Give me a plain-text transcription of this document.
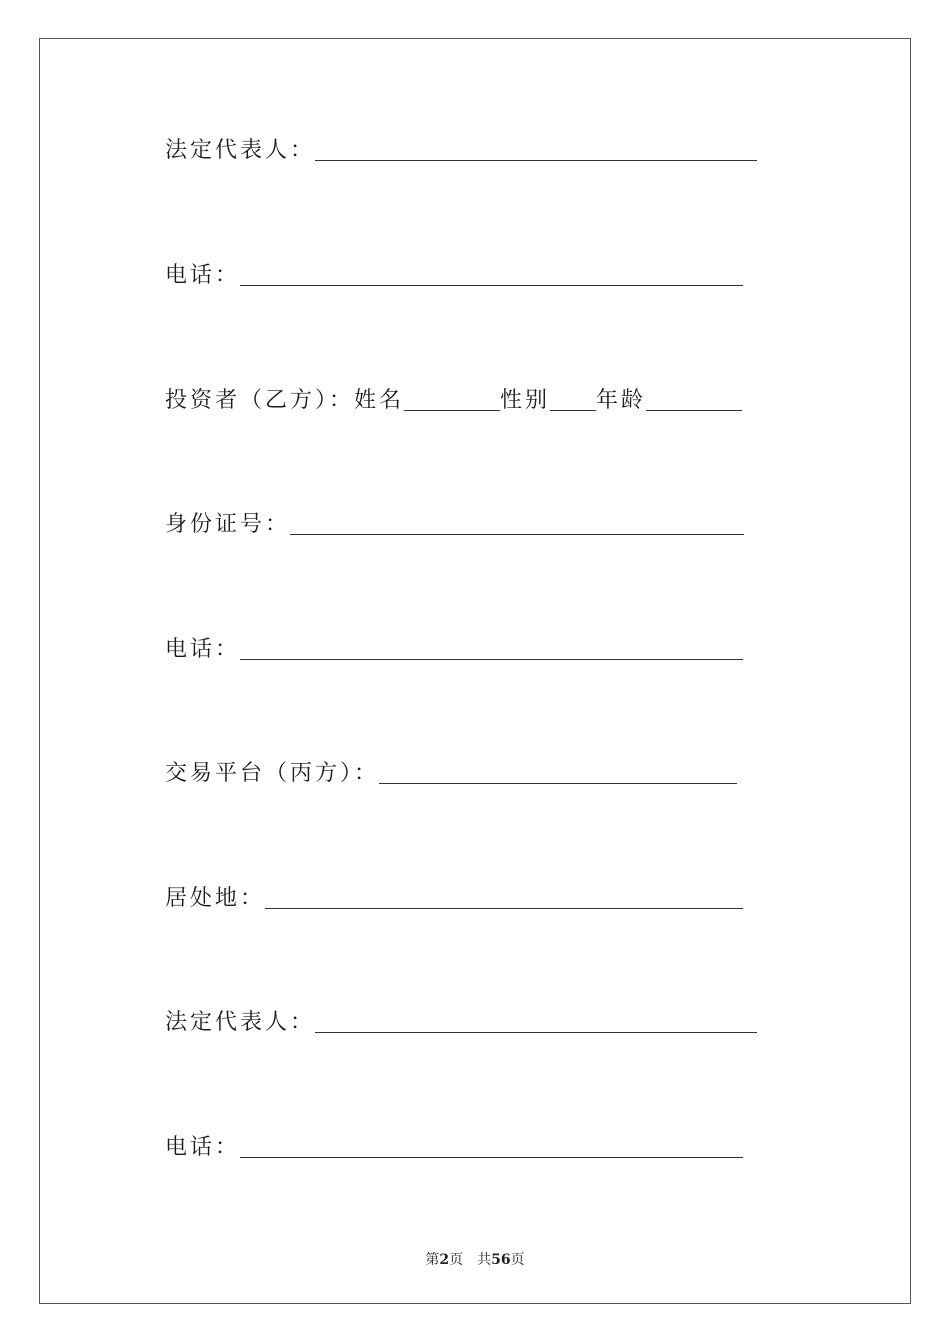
法定代表人：
电话：
投资者（乙方）：姓名	性别 年龄
身份证号：
电话：
交易平台（丙方）：
居处地：
法定代表人：
电话：
第2页 共56页
